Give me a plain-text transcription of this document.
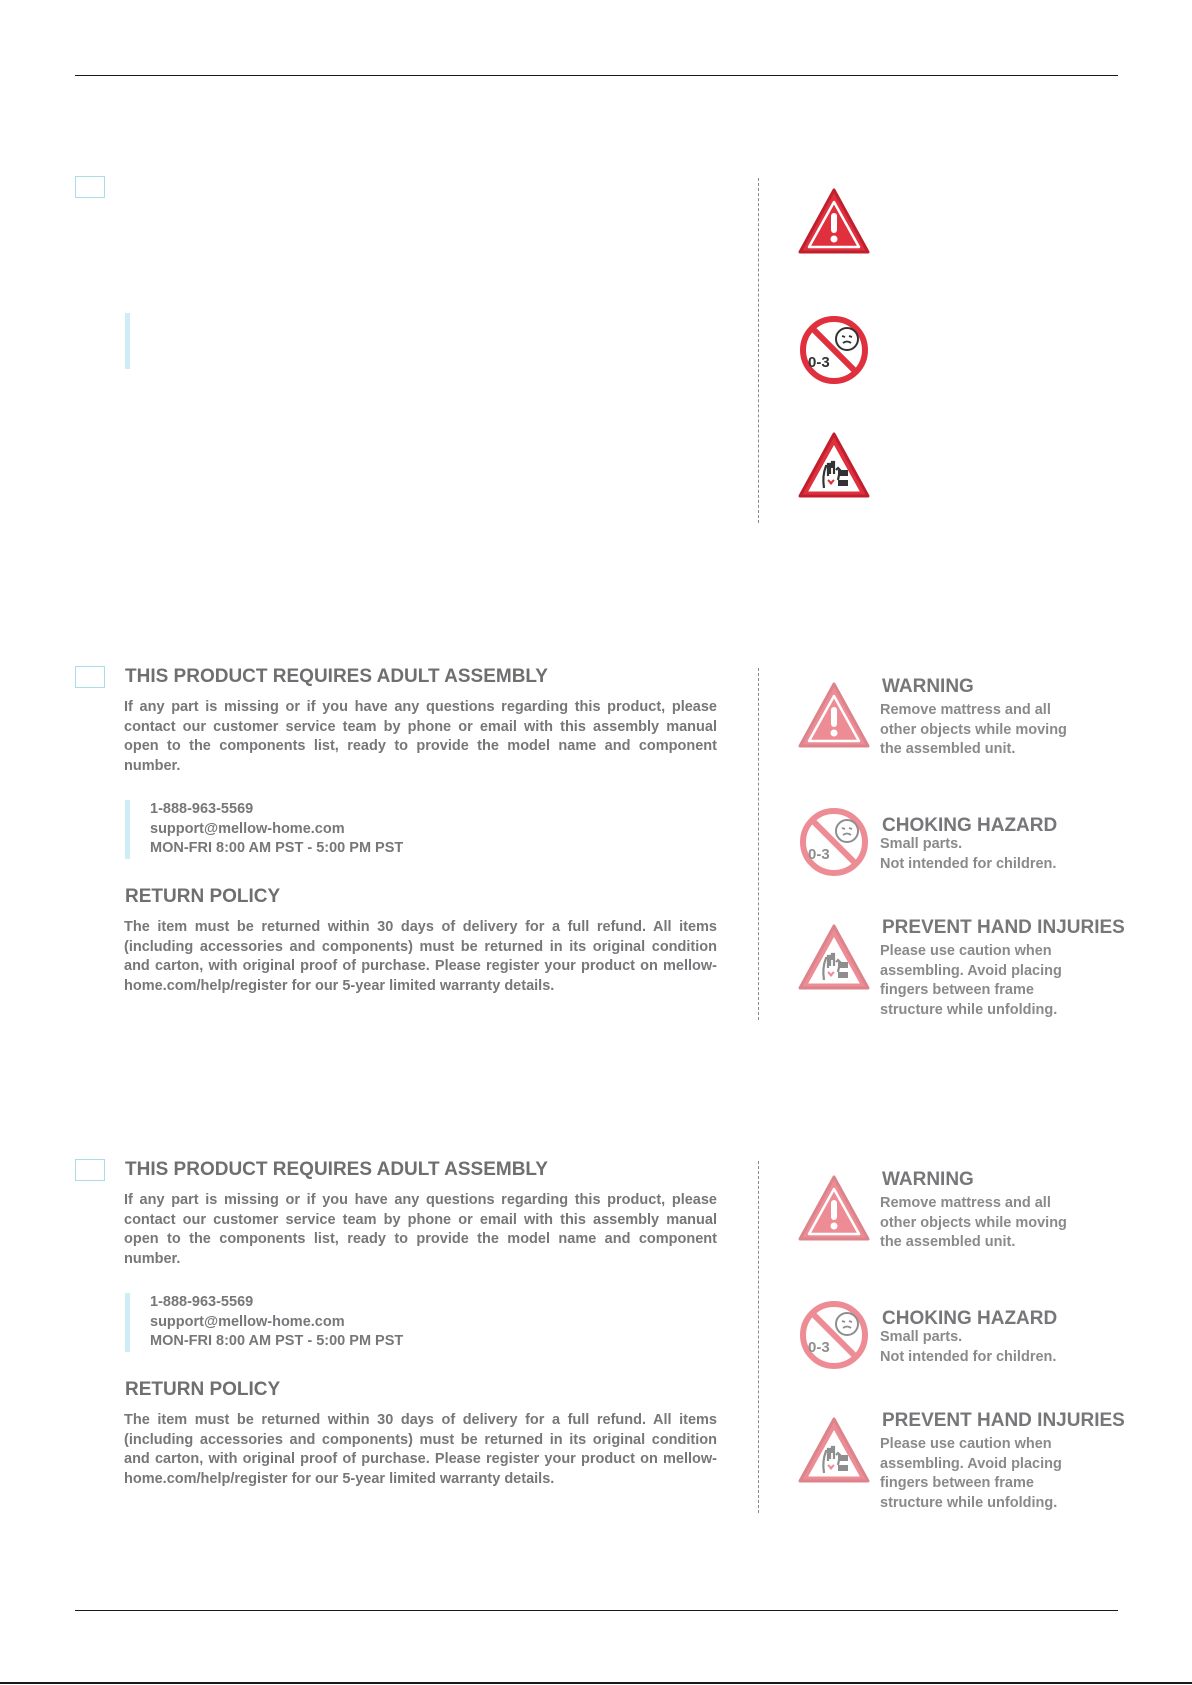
0-3
THIS PRODUCT REQUIRES ADULT ASSEMBLY

If any part is missing or if you have any questions regarding this product, please contact our customer service team by phone or email with this assembly manual open to the components list, ready to provide the model name and component number.

1-888-963-5569
support@mellow-home.com
MON-FRI 8:00 AM PST - 5:00 PM PST
RETURN POLICY

The item must be returned within 30 days of delivery for a full refund. All items (including accessories and components) must be returned in its original condition and carton, with original proof of purchase. Please register your product on mellow-home.com/help/register for our 5-year limited warranty details.

WARNING
Remove mattress and all
other objects while moving
the assembled unit.
0-3
CHOKING HAZARD
Small parts.
Not intended for children.
PREVENT HAND INJURIES
Please use caution when
assembling. Avoid placing
fingers between frame
structure while unfolding.
THIS PRODUCT REQUIRES ADULT ASSEMBLY

If any part is missing or if you have any questions regarding this product, please contact our customer service team by phone or email with this assembly manual open to the components list, ready to provide the model name and component number.

1-888-963-5569
support@mellow-home.com
MON-FRI 8:00 AM PST - 5:00 PM PST
RETURN POLICY

The item must be returned within 30 days of delivery for a full refund. All items (including accessories and components) must be returned in its original condition and carton, with original proof of purchase. Please register your product on mellow-home.com/help/register for our 5-year limited warranty details.

WARNING
Remove mattress and all
other objects while moving
the assembled unit.
0-3
CHOKING HAZARD
Small parts.
Not intended for children.
PREVENT HAND INJURIES
Please use caution when
assembling. Avoid placing
fingers between frame
structure while unfolding.
